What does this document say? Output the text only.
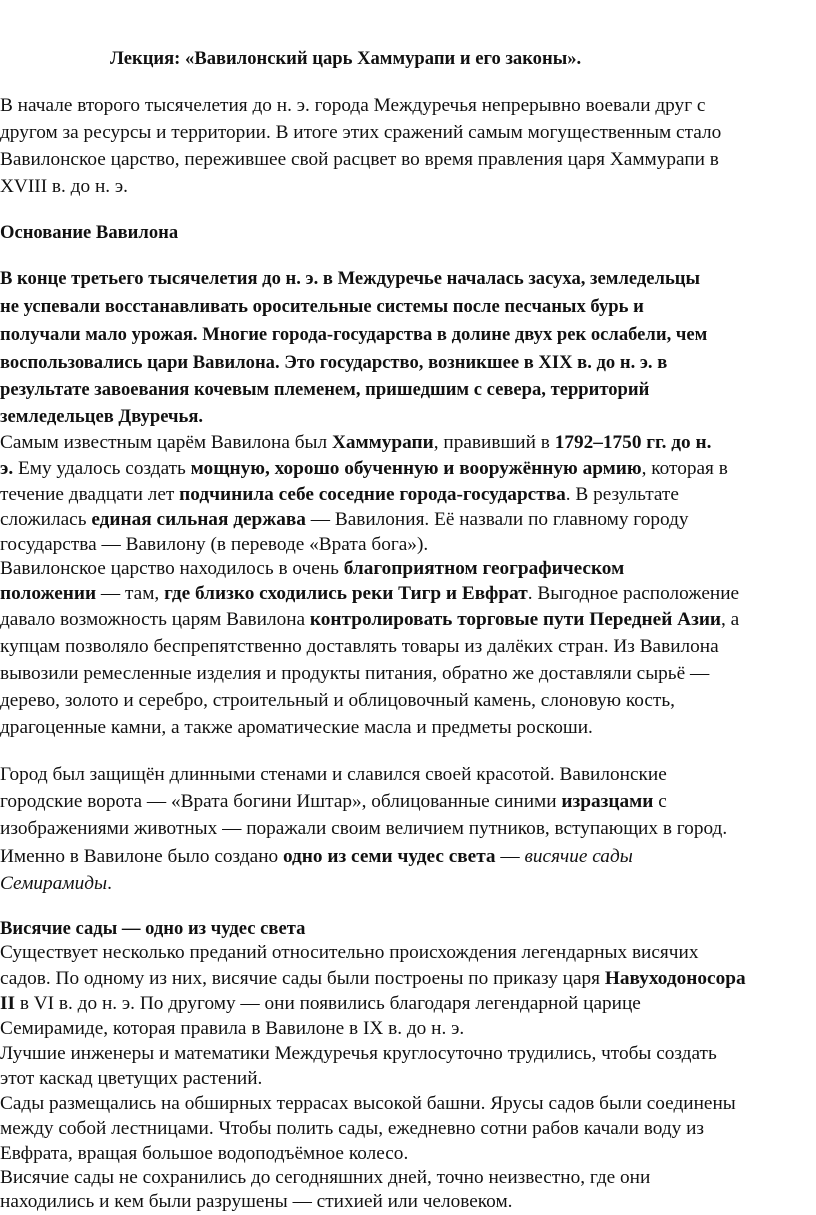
Лекция: «Вавилонский царь Хаммурапи и его законы».
В начале второго тысячелетия до н. э. города Междуречья непрерывно воевали друг с
другом за ресурсы и территории. В итоге этих сражений самым могущественным стало
Вавилонское царство, пережившее свой расцвет во время правления царя Хаммурапи в
XVIII в. до н. э.
Основание Вавилона
В конце третьего тысячелетия до н. э. в Междуречье началась засуха, земледельцы
не успевали восстанавливать оросительные системы после песчаных бурь и
получали мало урожая. Многие города-государства в долине двух рек ослабели, чем
воспользовались цари Вавилона. Это государство, возникшее в XIX в. до н. э. в
результате завоевания кочевым племенем, пришедшим с севера, территорий
земледельцев Двуречья.
Самым известным царём Вавилона был Хаммурапи, правивший в 1792–1750 гг. до н.
э. Ему удалось создать мощную, хорошо обученную и вооружённую армию, которая в
течение двадцати лет подчинила себе соседние города-государства. В результате
сложилась единая сильная держава — Вавилония. Её назвали по главному городу
государства — Вавилону (в переводе «Врата бога»).
Вавилонское царство находилось в очень благоприятном географическом
положении — там, где близко сходились реки Тигр и Евфрат. Выгодное расположение
давало возможность царям Вавилона контролировать торговые пути Передней Азии, а
купцам позволяло беспрепятственно доставлять товары из далёких стран. Из Вавилона
вывозили ремесленные изделия и продукты питания, обратно же доставляли сырьё —
дерево, золото и серебро, строительный и облицовочный камень, слоновую кость,
драгоценные камни, а также ароматические масла и предметы роскоши.
Город был защищён длинными стенами и славился своей красотой. Вавилонские
городские ворота — «Врата богини Иштар», облицованные синими изразцами с
изображениями животных — поражали своим величием путников, вступающих в город.
Именно в Вавилоне было создано одно из семи чудес света — висячие сады
Семирамиды.
Висячие сады — одно из чудес света
Существует несколько преданий относительно происхождения легендарных висячих
садов. По одному из них, висячие сады были построены по приказу царя Навуходоносора
II в VI в. до н. э. По другому — они появились благодаря легендарной царице
Семирамиде, которая правила в Вавилоне в IX в. до н. э.
Лучшие инженеры и математики Междуречья круглосуточно трудились, чтобы создать
этот каскад цветущих растений.
Сады размещались на обширных террасах высокой башни. Ярусы садов были соединены
между собой лестницами. Чтобы полить сады, ежедневно сотни рабов качали воду из
Евфрата, вращая большое водоподъёмное колесо.
Висячие сады не сохранились до сегодняшних дней, точно неизвестно, где они
находились и кем были разрушены — стихией или человеком.
